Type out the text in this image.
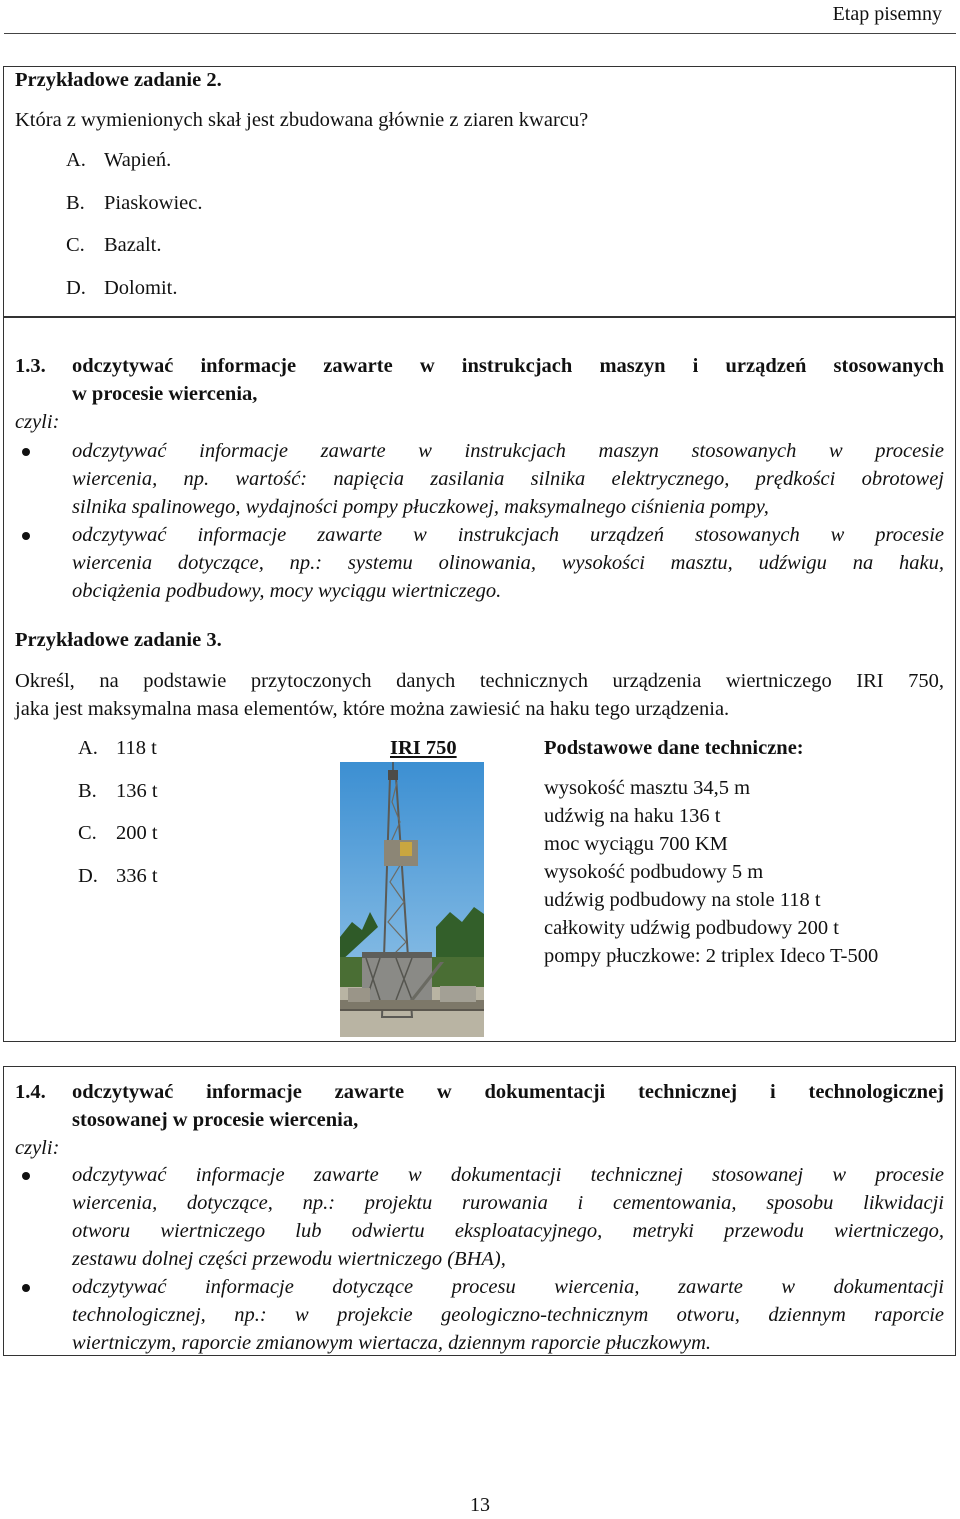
Etap pisemny
Przykładowe zadanie 2.
Która z wymienionych skał jest zbudowana głównie z ziaren kwarcu?
A. Wapień.
B. Piaskowiec.
C. Bazalt.
D. Dolomit.
1.3. odczytywać informacje zawarte w instrukcjach maszyn i urządzeń stosowanych
w procesie wiercenia,
czyli:
odczytywać informacje zawarte w instrukcjach maszyn stosowanych w procesie
wiercenia, np. wartość: napięcia zasilania silnika elektrycznego, prędkości obrotowej
silnika spalinowego, wydajności pompy płuczkowej, maksymalnego ciśnienia pompy,
odczytywać informacje zawarte w instrukcjach urządzeń stosowanych w procesie
wiercenia dotyczące, np.: systemu olinowania, wysokości masztu, udźwigu na haku,
obciążenia podbudowy, mocy wyciągu wiertniczego.
Przykładowe zadanie 3.
Określ, na podstawie przytoczonych danych technicznych urządzenia wiertniczego IRI 750,
jaka jest maksymalna masa elementów, które można zawiesić na haku tego urządzenia.
A. 118 t
B. 136 t
C. 200 t
D. 336 t
IRI 750	Podstawowe dane techniczne:
wysokość masztu 34,5 m
udźwig na haku 136 t
moc wyciągu 700 KM
wysokość podbudowy 5 m
udźwig podbudowy na stole 118 t
całkowity udźwig podbudowy 200 t
pompy płuczkowe: 2 triplex Ideco T-500
1.4. odczytywać informacje zawarte w dokumentacji technicznej i technologicznej
stosowanej w procesie wiercenia,
czyli:
odczytywać informacje zawarte w dokumentacji technicznej stosowanej w procesie
wiercenia, dotyczące, np.: projektu rurowania i cementowania, sposobu likwidacji
otworu wiertniczego lub odwiertu eksploatacyjnego, metryki przewodu wiertniczego,
zestawu dolnej części przewodu wiertniczego (BHA),
odczytywać informacje dotyczące procesu wiercenia, zawarte w dokumentacji
technologicznej, np.: w projekcie geologiczno-technicznym otworu, dziennym raporcie
wiertniczym, raporcie zmianowym wiertacza, dziennym raporcie płuczkowym.
13
